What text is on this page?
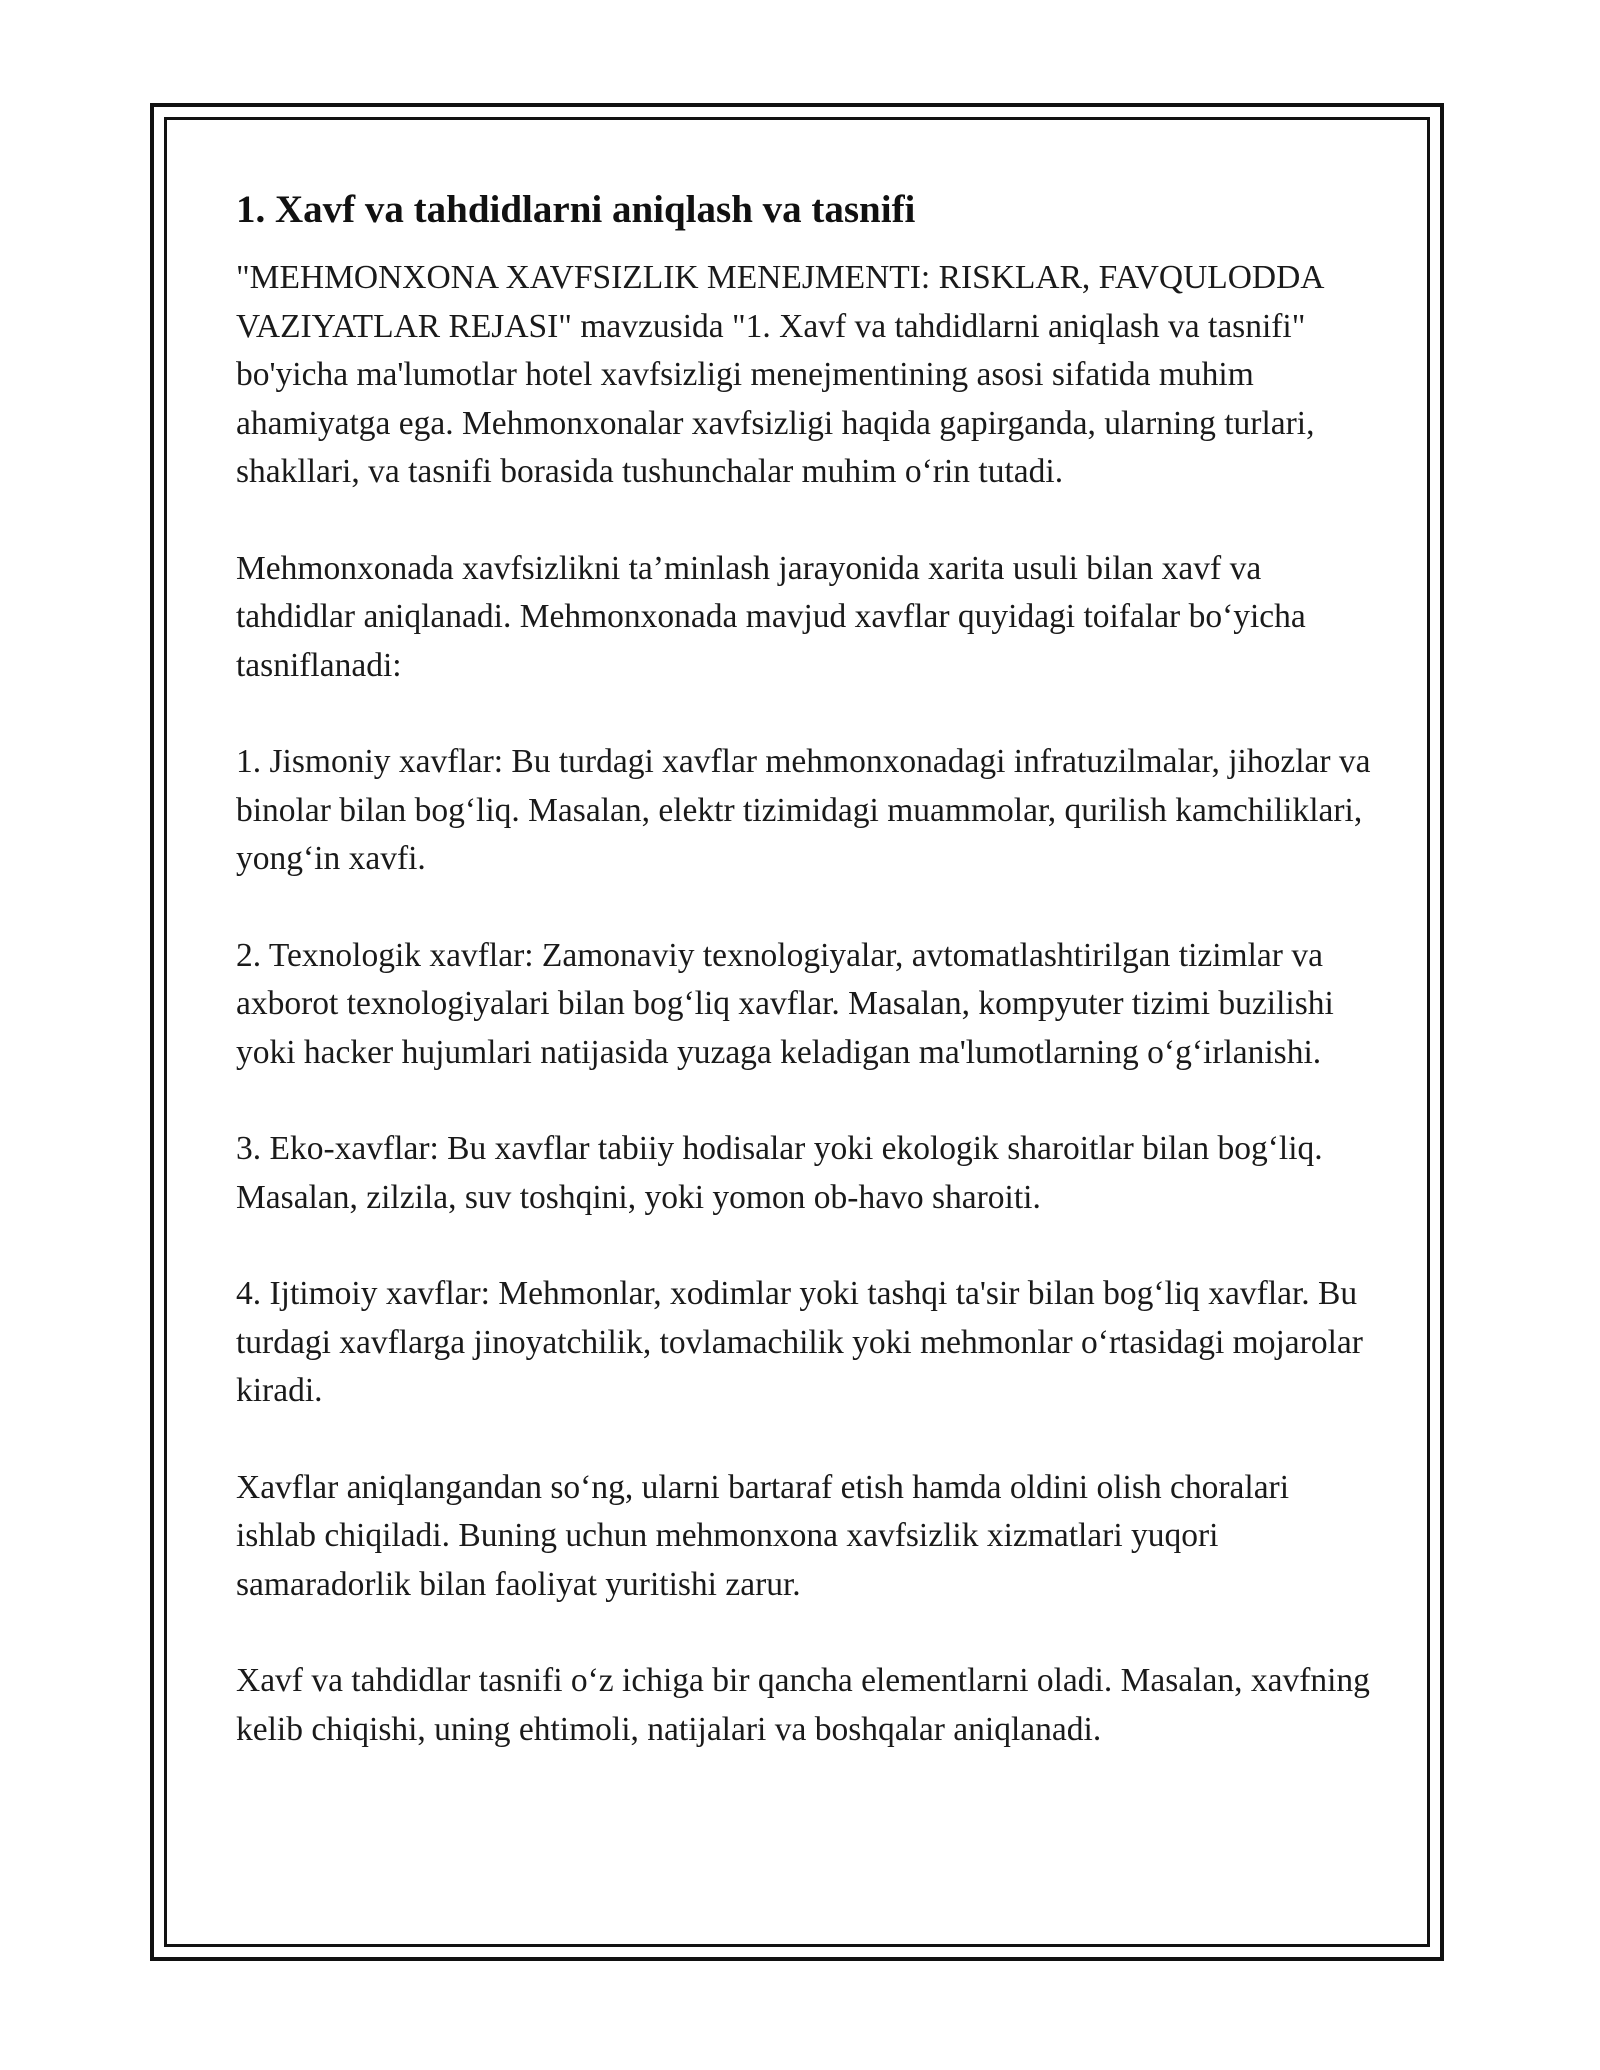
1. Xavf va tahdidlarni aniqlash va tasnifi

"MEHMONXONA XAVFSIZLIK MENEJMENTI: RISKLAR, FAVQULODDA VAZIYATLAR REJASI" mavzusida "1. Xavf va tahdidlarni aniqlash va tasnifi" bo'yicha ma'lumotlar hotel xavfsizligi menejmentining asosi sifatida muhim ahamiyatga ega. Mehmonxonalar xavfsizligi haqida gapirganda, ularning turlari, shakllari, va tasnifi borasida tushunchalar muhim o‘rin tutadi.

Mehmonxonada xavfsizlikni ta’minlash jarayonida xarita usuli bilan xavf va tahdidlar aniqlanadi. Mehmonxonada mavjud xavflar quyidagi toifalar bo‘yicha tasniflanadi:

1. Jismoniy xavflar: Bu turdagi xavflar mehmonxonadagi infratuzilmalar, jihozlar va binolar bilan bog‘liq. Masalan, elektr tizimidagi muammolar, qurilish kamchiliklari, yong‘in xavfi.

2. Texnologik xavflar: Zamonaviy texnologiyalar, avtomatlashtirilgan tizimlar va axborot texnologiyalari bilan bog‘liq xavflar. Masalan, kompyuter tizimi buzilishi yoki hacker hujumlari natijasida yuzaga keladigan ma'lumotlarning o‘g‘irlanishi.

3. Eko-xavflar: Bu xavflar tabiiy hodisalar yoki ekologik sharoitlar bilan bog‘liq. Masalan, zilzila, suv toshqini, yoki yomon ob-havo sharoiti.

4. Ijtimoiy xavflar: Mehmonlar, xodimlar yoki tashqi ta'sir bilan bog‘liq xavflar. Bu turdagi xavflarga jinoyatchilik, tovlamachilik yoki mehmonlar o‘rtasidagi mojarolar kiradi.

Xavflar aniqlangandan so‘ng, ularni bartaraf etish hamda oldini olish choralari ishlab chiqiladi. Buning uchun mehmonxona xavfsizlik xizmatlari yuqori samaradorlik bilan faoliyat yuritishi zarur.

Xavf va tahdidlar tasnifi o‘z ichiga bir qancha elementlarni oladi. Masalan, xavfning kelib chiqishi, uning ehtimoli, natijalari va boshqalar aniqlanadi.
